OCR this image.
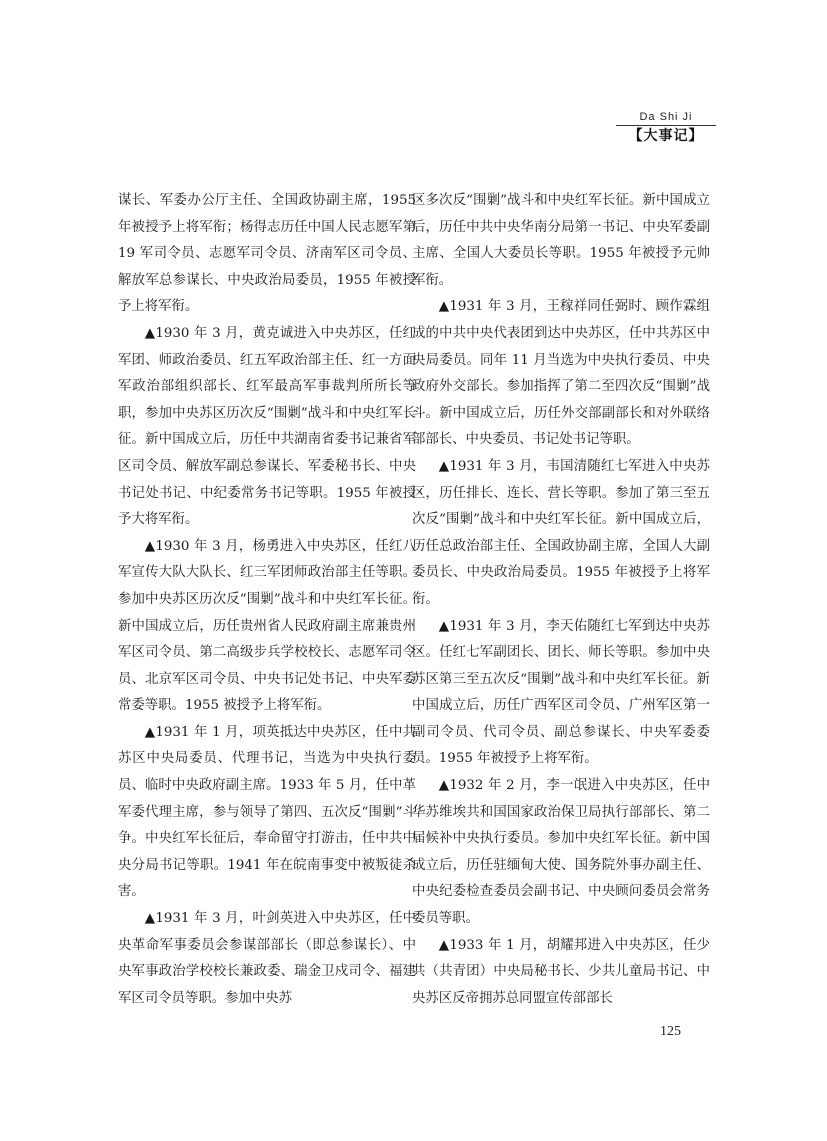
Da Shi Ji
【大事记】

谋长、军委办公厅主任、全国政协副主席，1955 年被授予上将军衔；杨得志历任中国人民志愿军第 19 军司令员、志愿军司令员、济南军区司令员、解放军总参谋长、中央政治局委员，1955 年被授予上将军衔。

▲1930 年 3 月，黄克诚进入中央苏区，任红军团、师政治委员、红五军政治部主任、红一方面军政治部组织部长、红军最高军事裁判所所长等职，参加中央苏区历次反“围剿”战斗和中央红军长征。新中国成立后，历任中共湖南省委书记兼省军区司令员、解放军副总参谋长、军委秘书长、中央书记处书记、中纪委常务书记等职。1955 年被授予大将军衔。

▲1930 年 3 月，杨勇进入中央苏区，任红八军宣传大队大队长、红三军团师政治部主任等职。参加中央苏区历次反“围剿”战斗和中央红军长征。新中国成立后，历任贵州省人民政府副主席兼贵州军区司令员、第二高级步兵学校校长、志愿军司令员、北京军区司令员、中央书记处书记、中央军委常委等职。1955 被授予上将军衔。

▲1931 年 1 月，项英抵达中央苏区，任中共苏区中央局委员、代理书记，当选为中央执行委员、临时中央政府副主席。1933 年 5 月，任中革军委代理主席，参与领导了第四、五次反“围剿”斗争。中央红军长征后，奉命留守打游击，任中共中央分局书记等职。1941 年在皖南事变中被叛徒杀害。

▲1931 年 3 月，叶剑英进入中央苏区，任中央革命军事委员会参谋部部长（即总参谋长）、中央军事政治学校校长兼政委、瑞金卫戍司令、福建军区司令员等职。参加中央苏

区多次反“围剿”战斗和中央红军长征。新中国成立后，历任中共中央华南分局第一书记、中央军委副主席、全国人大委员长等职。1955 年被授予元帅军衔。

▲1931 年 3 月，王稼祥同任弼时、顾作霖组成的中共中央代表团到达中央苏区，任中共苏区中央局委员。同年 11 月当选为中央执行委员、中央政府外交部长。参加指挥了第二至四次反“围剿”战斗。新中国成立后，历任外交部副部长和对外联络部部长、中央委员、书记处书记等职。

▲1931 年 3 月，韦国清随红七军进入中央苏区，历任排长、连长、营长等职。参加了第三至五次反“围剿”战斗和中央红军长征。新中国成立后，历任总政治部主任、全国政协副主席，全国人大副委员长、中央政治局委员。1955 年被授予上将军衔。

▲1931 年 3 月，李天佑随红七军到达中央苏区。任红七军副团长、团长、师长等职。参加中央苏区第三至五次反“围剿”战斗和中央红军长征。新中国成立后，历任广西军区司令员、广州军区第一副司令员、代司令员、副总参谋长、中央军委委员。1955 年被授予上将军衔。

▲1932 年 2 月，李一氓进入中央苏区，任中华苏维埃共和国国家政治保卫局执行部部长、第二届候补中央执行委员。参加中央红军长征。新中国成立后，历任驻缅甸大使、国务院外事办副主任、中央纪委检查委员会副书记、中央顾问委员会常务委员等职。

▲1933 年 1 月，胡耀邦进入中央苏区，任少共（共青团）中央局秘书长、少共儿童局书记、中央苏区反帝拥苏总同盟宣传部部长

125
